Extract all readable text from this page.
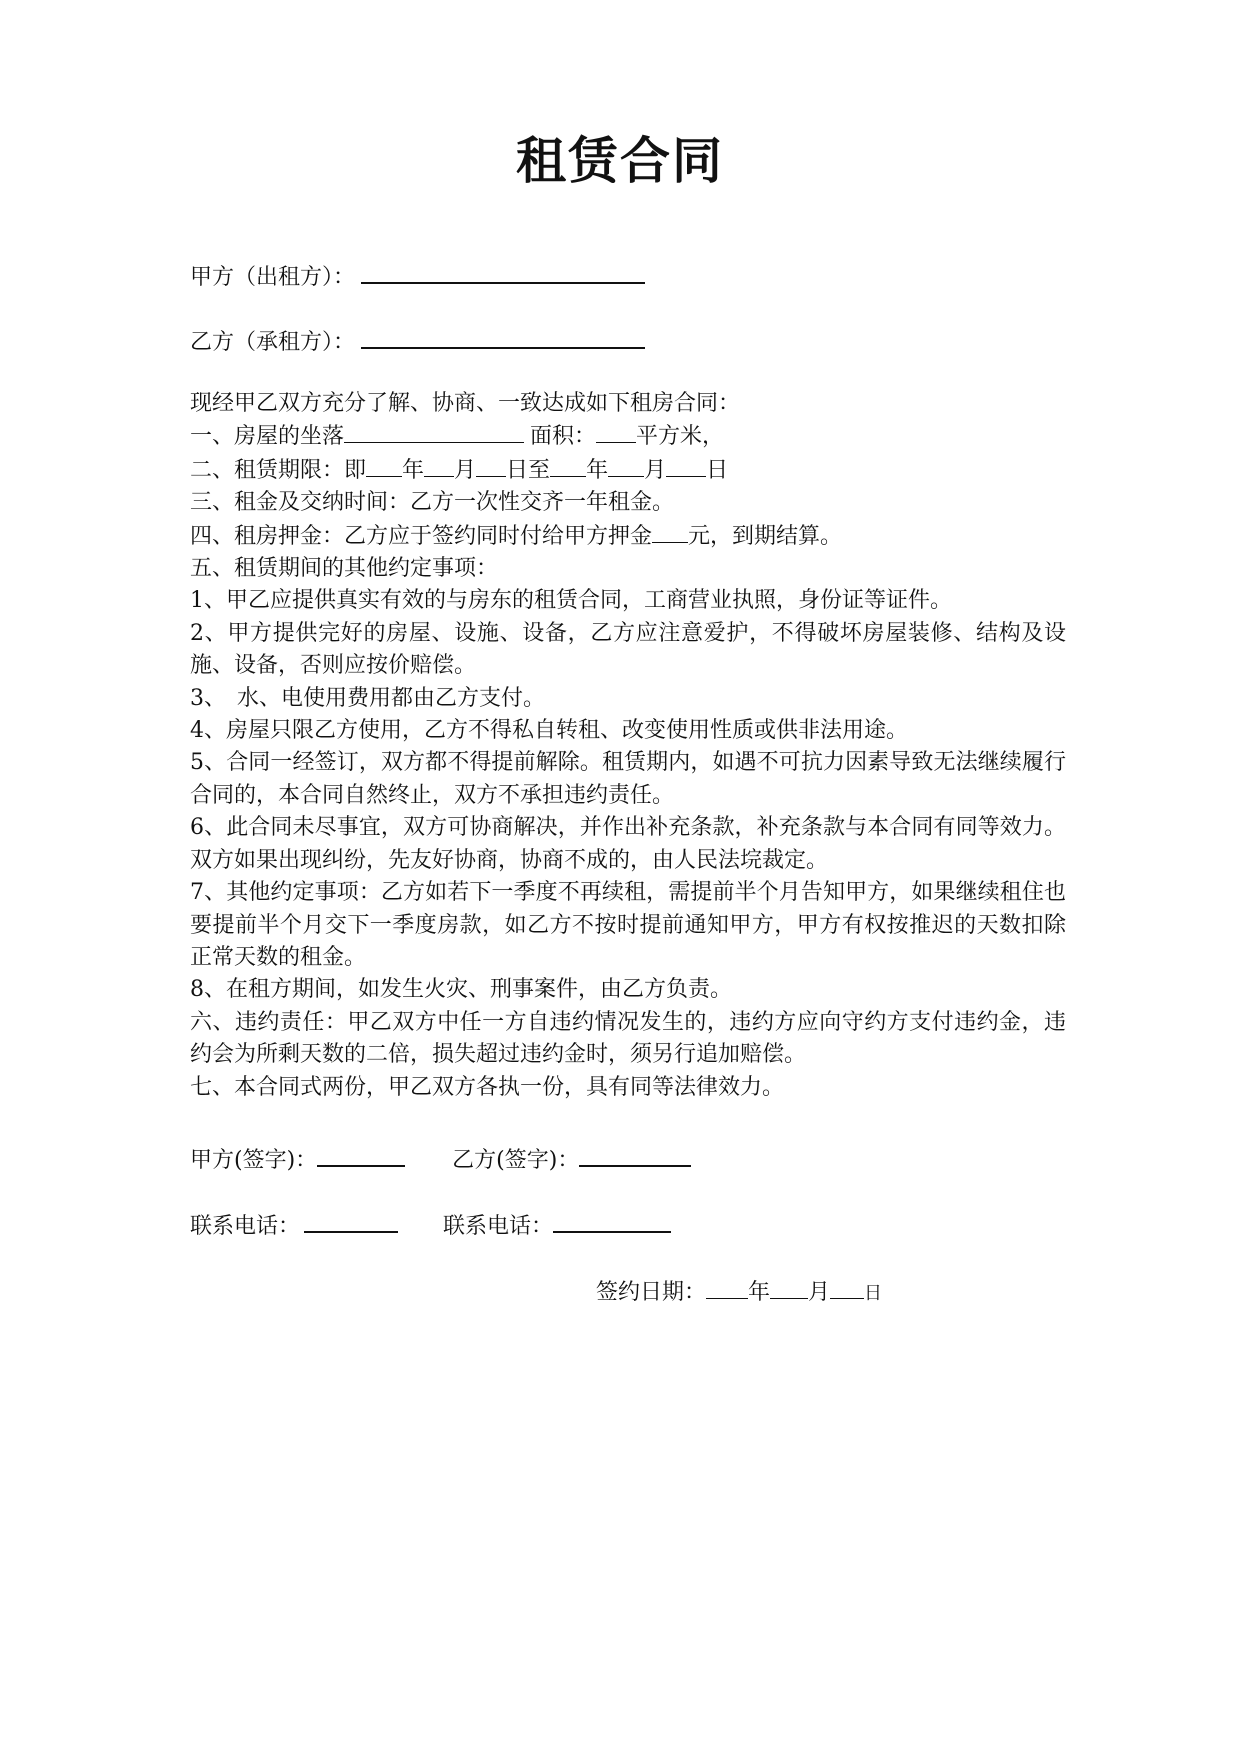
租赁合同
甲方（出租方）：
乙方（承租方）：

现经甲乙双方充分了解、协商、一致达成如下租房合同：

一、房屋的坐落	面积： 平方米，

二、租赁期限：即 年 月 日至 年 月 日

三、租金及交纳时间：乙方一次性交齐一年租金。

四、租房押金：乙方应于签约同时付给甲方押金 元，到期结算。

五、租赁期间的其他约定事项：

1、甲乙应提供真实有效的与房东的租赁合同，工商营业执照，身份证等证件。

2、甲方提供完好的房屋、设施、设备，乙方应注意爱护，不得破坏房屋装修、结构及设施、设备，否则应按价赔偿。

3、　水、电使用费用都由乙方支付。

4、房屋只限乙方使用，乙方不得私自转租、改变使用性质或供非法用途。

5、合同一经签订，双方都不得提前解除。租赁期内，如遇不可抗力因素导致无法继续履行合同的，本合同自然终止，双方不承担违约责任。

6、此合同未尽事宜，双方可协商解决，并作出补充条款，补充条款与本合同有同等效力。双方如果出现纠纷，先友好协商，协商不成的，由人民法垸裁定。

7、其他约定事项：乙方如若下一季度不再续租，需提前半个月告知甲方，如果继续租住也要提前半个月交下一季度房款，如乙方不按时提前通知甲方，甲方有权按推迟的天数扣除正常天数的租金。

8、在租方期间，如发生火灾、刑事案件，由乙方负责。

六、违约责任：甲乙双方中任一方自违约情况发生的，违约方应向守约方支付违约金，违约会为所剩天数的二倍，损失超过违约金时，须另行追加赔偿。

七、本合同式两份，甲乙双方各执一份，具有同等法律效力。

甲方(签字)：	乙方(签字)：
联系电话：	联系电话：
签约日期： 年 月 日
